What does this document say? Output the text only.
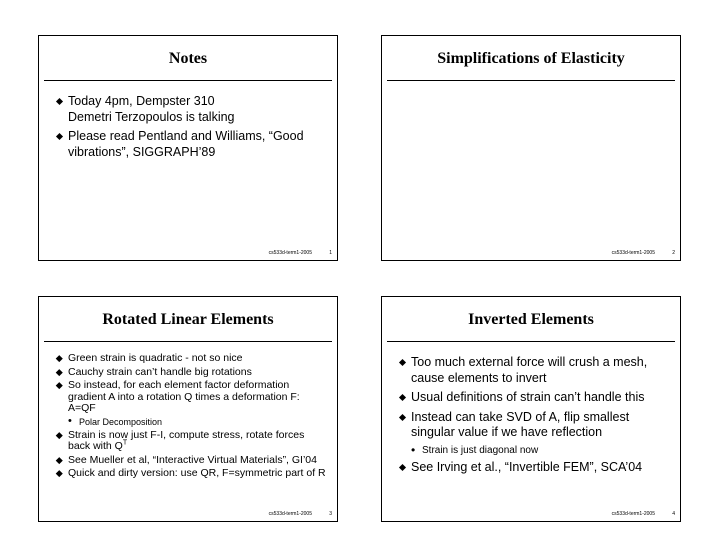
Notes
Today 4pm, Dempster 310
Demetri Terzopoulos is talking
Please read Pentland and Williams, “Good vibrations”, SIGGRAPH’89
cs533d-term1-2005	1
Simplifications of Elasticity
cs533d-term1-2005	2
Rotated Linear Elements
Green strain is quadratic - not so nice
Cauchy strain can’t handle big rotations
So instead, for each element factor deformation gradient A into a rotation Q times a deformation F: A=QF
• Polar Decomposition
Strain is now just F-I, compute stress, rotate forces back with $Q^T$
See Mueller et al, “Interactive Virtual Materials”, GI’04
Quick and dirty version: use QR, F=symmetric part of R
cs533d-term1-2005	3
Inverted Elements
Too much external force will crush a mesh, cause elements to invert
Usual definitions of strain can’t handle this
Instead can take SVD of A, flip smallest singular value if we have reflection
• Strain is just diagonal now
See Irving et al., “Invertible FEM”, SCA’04
cs533d-term1-2005	4
